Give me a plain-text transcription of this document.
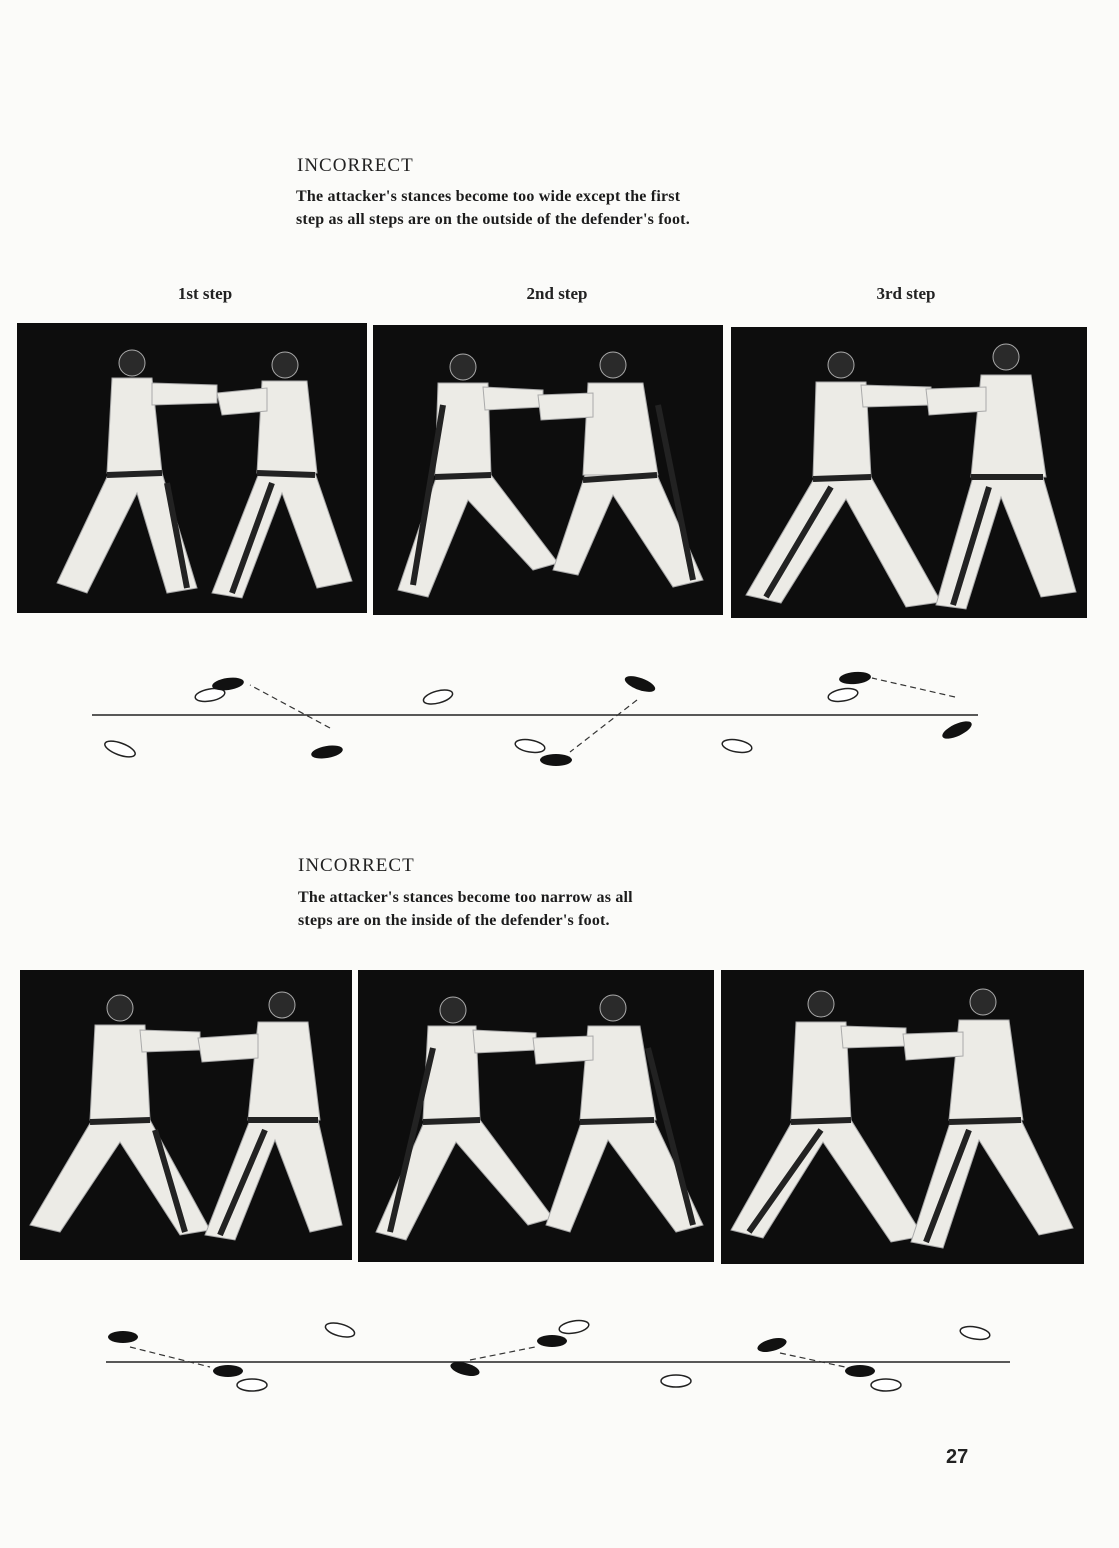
INCORRECT
The attacker's stances become too wide except the first
step as all steps are on the outside of the defender's foot.
1st step	2nd step	3rd step
INCORRECT
The attacker's stances become too narrow as all
steps are on the inside of the defender's foot.
27
